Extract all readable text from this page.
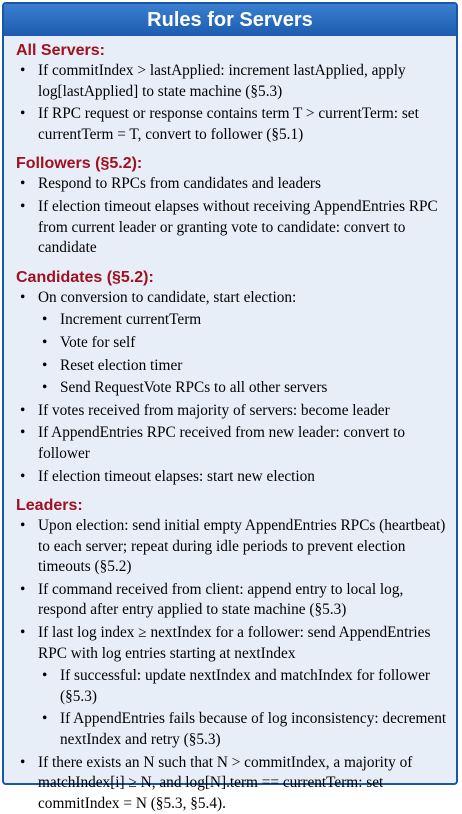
Rules for Servers
All Servers:
• If commitIndex > lastApplied: increment lastApplied, apply log[lastApplied] to state machine (§5.3)
• If RPC request or response contains term T > currentTerm: set currentTerm = T, convert to follower (§5.1)
Followers (§5.2):
• Respond to RPCs from candidates and leaders
• If election timeout elapses without receiving AppendEntries RPC from current leader or granting vote to candidate: convert to candidate
Candidates (§5.2):
• On conversion to candidate, start election:
• Increment currentTerm
• Vote for self
• Reset election timer
• Send RequestVote RPCs to all other servers
• If votes received from majority of servers: become leader
• If AppendEntries RPC received from new leader: convert to follower
• If election timeout elapses: start new election
Leaders:
• Upon election: send initial empty AppendEntries RPCs (heartbeat) to each server; repeat during idle periods to prevent election timeouts (§5.2)
• If command received from client: append entry to local log, respond after entry applied to state machine (§5.3)
• If last log index ≥ nextIndex for a follower: send AppendEntries RPC with log entries starting at nextIndex
• If successful: update nextIndex and matchIndex for follower (§5.3)
• If AppendEntries fails because of log inconsistency: decrement nextIndex and retry (§5.3)
• If there exists an N such that N > commitIndex, a majority of matchIndex[i] ≥ N, and log[N].term == currentTerm: set commitIndex = N (§5.3, §5.4).
